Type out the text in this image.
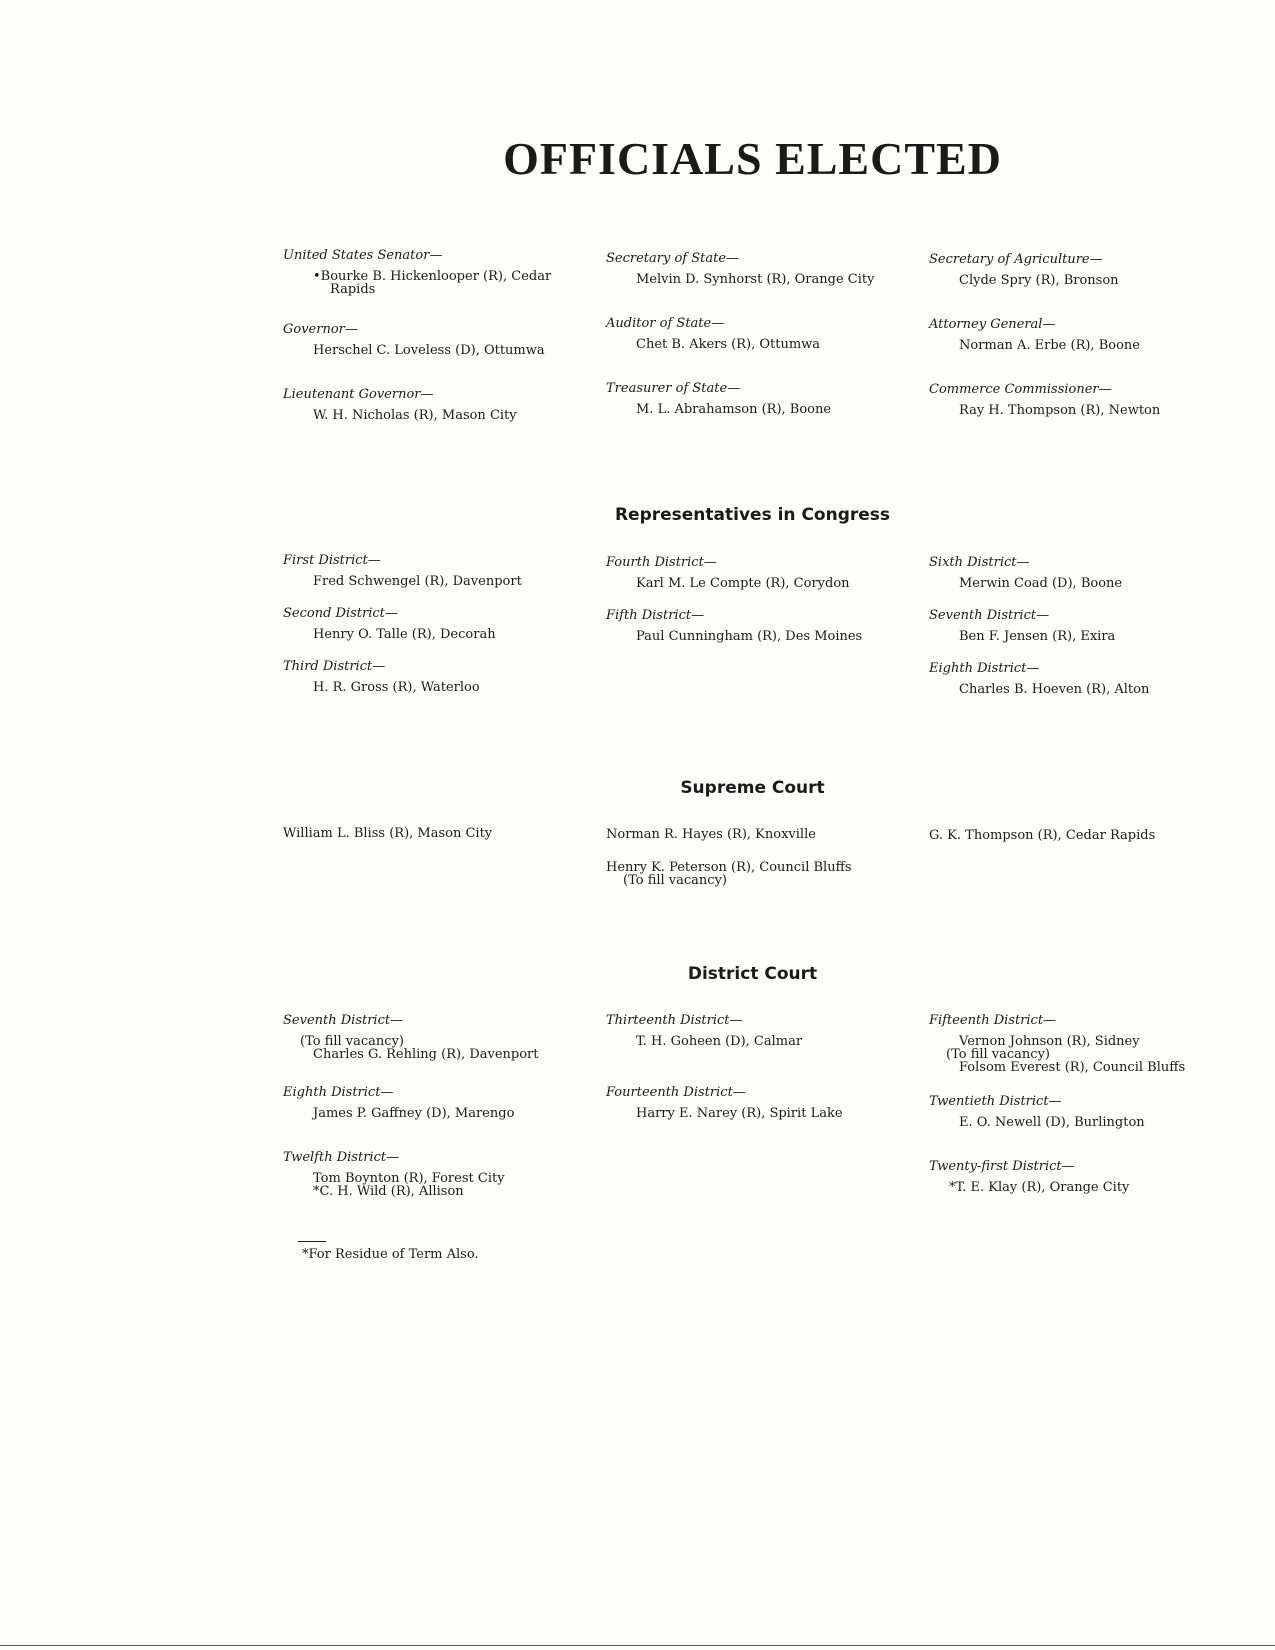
OFFICIALS ELECTED
United States Senator—
•Bourke B. Hickenlooper (R), Cedar
Rapids
Governor—
Herschel C. Loveless (D), Ottumwa
Lieutenant Governor—
W. H. Nicholas (R), Mason City
Secretary of State—
Melvin D. Synhorst (R), Orange City
Auditor of State—
Chet B. Akers (R), Ottumwa
Treasurer of State—
M. L. Abrahamson (R), Boone
Secretary of Agriculture—
Clyde Spry (R), Bronson
Attorney General—
Norman A. Erbe (R), Boone
Commerce Commissioner—
Ray H. Thompson (R), Newton
Representatives in Congress
First District—
Fred Schwengel (R), Davenport
Second District—
Henry O. Talle (R), Decorah
Third District—
H. R. Gross (R), Waterloo
Fourth District—
Karl M. Le Compte (R), Corydon
Fifth District—
Paul Cunningham (R), Des Moines
Sixth District—
Merwin Coad (D), Boone
Seventh District—
Ben F. Jensen (R), Exira
Eighth District—
Charles B. Hoeven (R), Alton
Supreme Court
William L. Bliss (R), Mason City	Norman R. Hayes (R), Knoxville
Henry K. Peterson (R), Council Bluffs
(To fill vacancy)
G. K. Thompson (R), Cedar Rapids
District Court
Seventh District—
(To fill vacancy)
Charles G. Rehling (R), Davenport
Eighth District—
James P. Gaffney (D), Marengo
Twelfth District—
Tom Boynton (R), Forest City
*C. H. Wild (R), Allison
Thirteenth District—
T. H. Goheen (D), Calmar
Fourteenth District—
Harry E. Narey (R), Spirit Lake
Fifteenth District—
Vernon Johnson (R), Sidney
(To fill vacancy)
Folsom Everest (R), Council Bluffs
Twentieth District—
E. O. Newell (D), Burlington
Twenty-first District—
*T. E. Klay (R), Orange City
*For Residue of Term Also.
